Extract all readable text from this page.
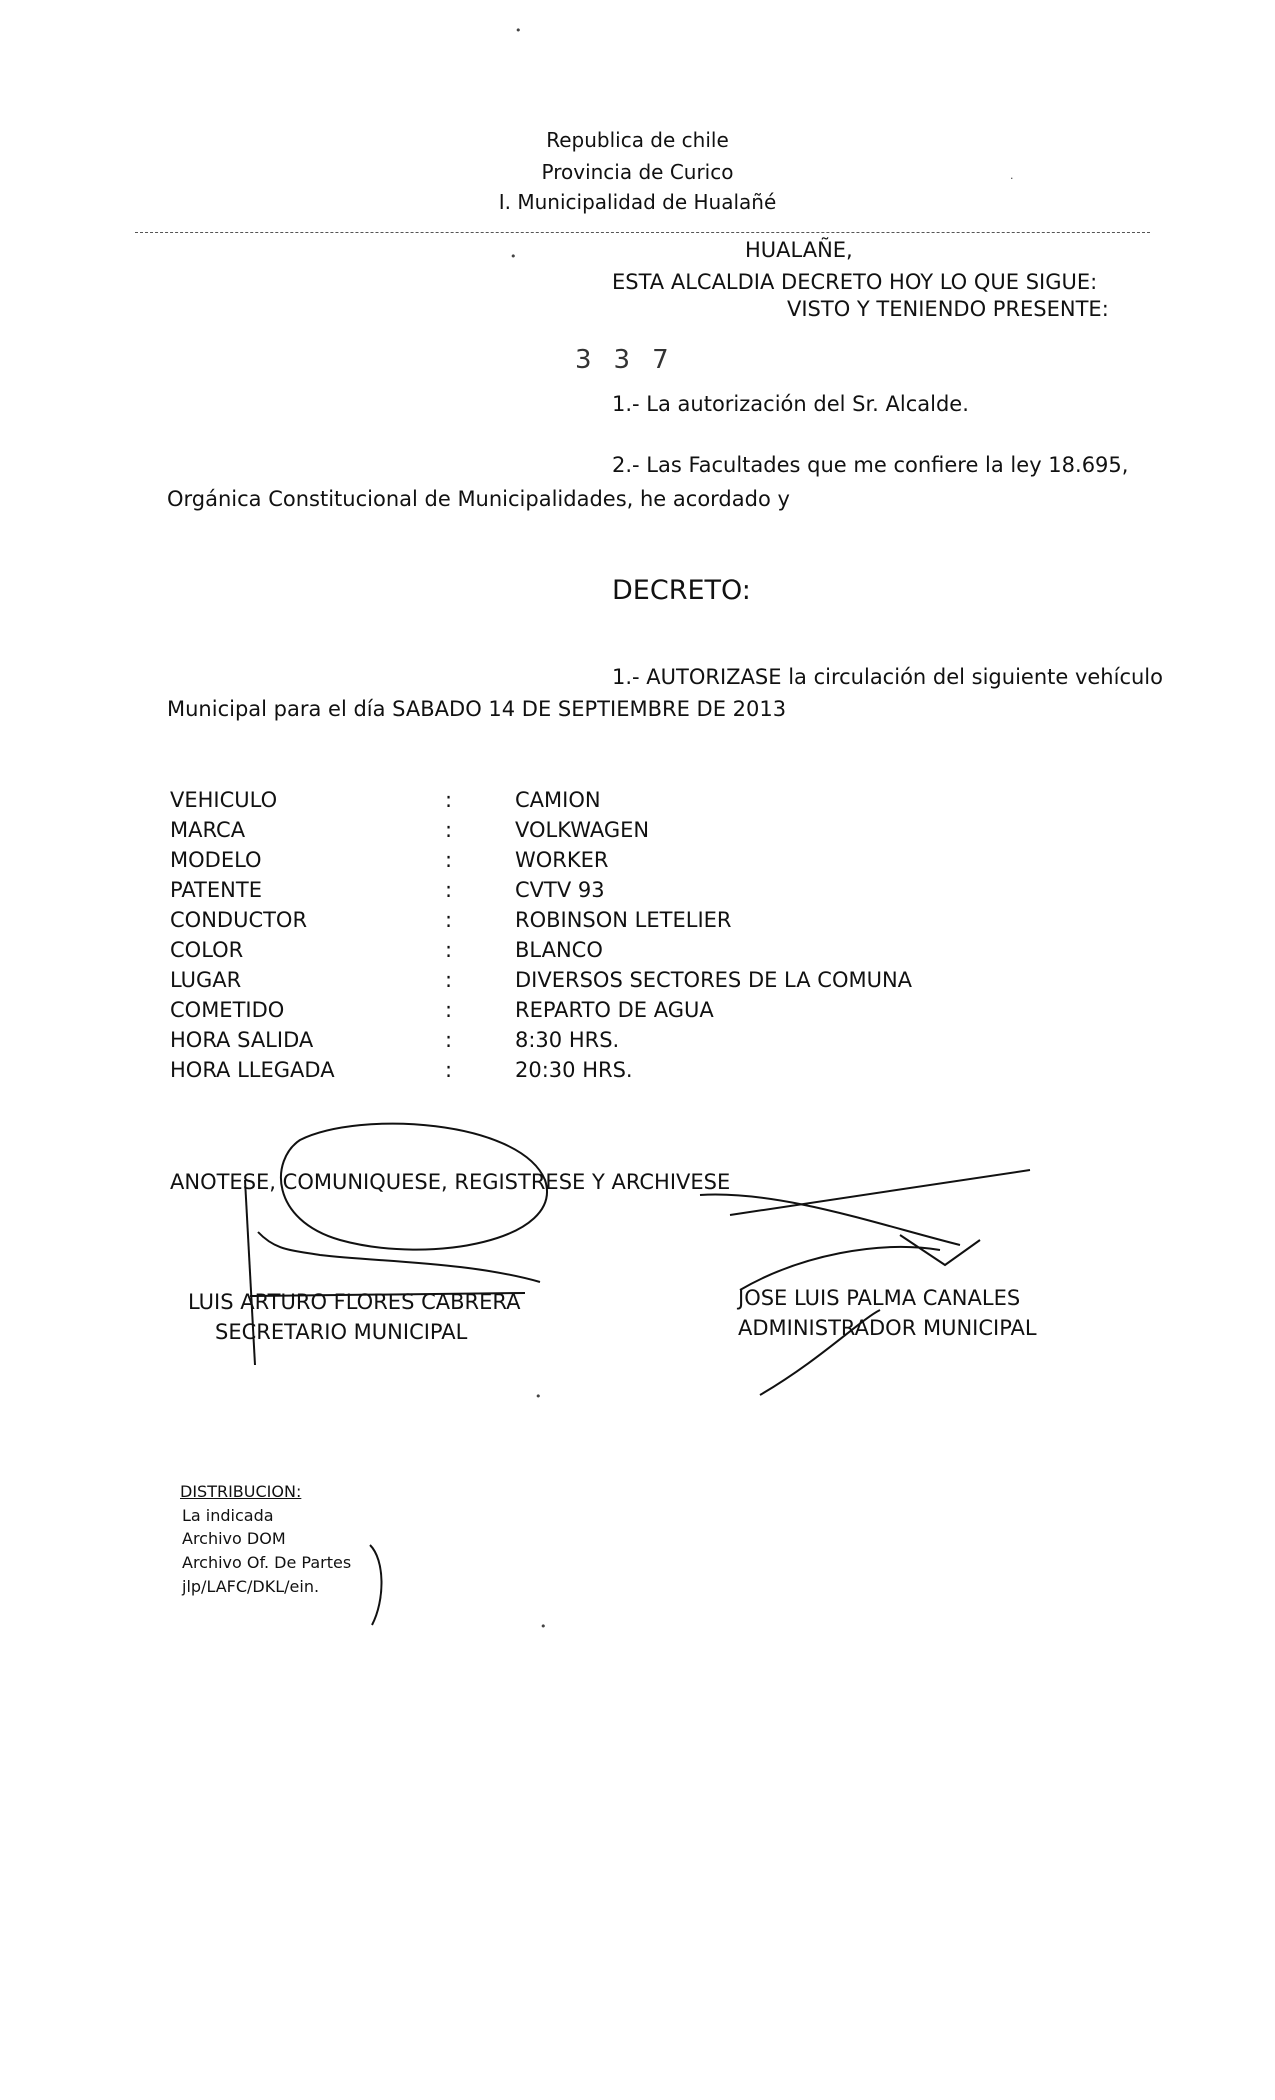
Republica de chile
Provincia de Curico
I. Municipalidad de Hualañé
HUALAÑE,
ESTA ALCALDIA DECRETO HOY LO QUE SIGUE:
VISTO Y TENIENDO PRESENTE:
337
1.- La autorización del Sr. Alcalde.
2.- Las Facultades que me confiere la ley 18.695,
Orgánica Constitucional de Municipalidades, he acordado y
DECRETO:
1.- AUTORIZASE la circulación del siguiente vehículo
Municipal para el día SABADO 14 DE SEPTIEMBRE DE 2013
VEHICULO	:	CAMION
MARCA	:	VOLKWAGEN
MODELO	:	WORKER
PATENTE	:	CVTV 93
CONDUCTOR	:	ROBINSON LETELIER
COLOR	:	BLANCO
LUGAR	:	DIVERSOS SECTORES DE LA COMUNA
COMETIDO	:	REPARTO DE AGUA
HORA SALIDA	:	8:30 HRS.
HORA LLEGADA	:	20:30 HRS.
ANOTESE, COMUNIQUESE, REGISTRESE Y ARCHIVESE
LUIS ARTURO FLORES CABRERA
SECRETARIO MUNICIPAL
JOSE LUIS PALMA CANALES
ADMINISTRADOR MUNICIPAL
DISTRIBUCION:
La indicada
Archivo DOM
Archivo Of. De Partes
jlp/LAFC/DKL/ein.
•
•
·
•
•
